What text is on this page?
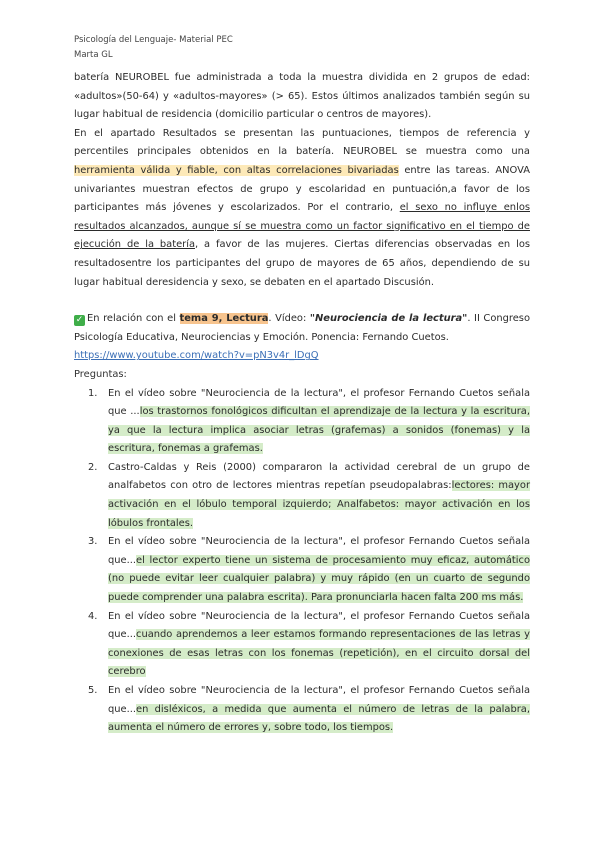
Psicología del Lenguaje- Material PEC
Marta GL

batería NEUROBEL fue administrada a toda la muestra dividida en 2 grupos de edad: «adultos»(50-64) y «adultos-mayores» (> 65). Estos últimos analizados también según su lugar habitual de residencia (domicilio particular o centros de mayores).

En el apartado Resultados se presentan las puntuaciones, tiempos de referencia y percentiles principales obtenidos en la batería. NEUROBEL se muestra como una herramienta válida y fiable, con altas correlaciones bivariadas entre las tareas. ANOVA univariantes muestran efectos de grupo y escolaridad en puntuación,a favor de los participantes más jóvenes y escolarizados. Por el contrario, el sexo no influye enlos resultados alcanzados, aunque sí se muestra como un factor significativo en el tiempo de ejecución de la batería, a favor de las mujeres. Ciertas diferencias observadas en los resultadosentre los participantes del grupo de mayores de 65 años, dependiendo de su lugar habitual deresidencia y sexo, se debaten en el apartado Discusión.

✓ En relación con el tema 9, Lectura. Vídeo: "Neurociencia de la lectura". II Congreso Psicología Educativa, Neurociencias y Emoción. Ponencia: Fernando Cuetos.
https://www.youtube.com/watch?v=pN3v4r_lDgQ

Preguntas:

1. En el vídeo sobre "Neurociencia de la lectura", el profesor Fernando Cuetos señala que ...los trastornos fonológicos dificultan el aprendizaje de la lectura y la escritura, ya que la lectura implica asociar letras (grafemas) a sonidos (fonemas) y la escritura, fonemas a grafemas.
2. Castro-Caldas y Reis (2000) compararon la actividad cerebral de un grupo de analfabetos con otro de lectores mientras repetían pseudopalabras:lectores: mayor activación en el lóbulo temporal izquierdo; Analfabetos: mayor activación en los lóbulos frontales.
3. En el vídeo sobre "Neurociencia de la lectura", el profesor Fernando Cuetos señala que...el lector experto tiene un sistema de procesamiento muy eficaz, automático (no puede evitar leer cualquier palabra) y muy rápido (en un cuarto de segundo puede comprender una palabra escrita). Para pronunciarla hacen falta 200 ms más.
4. En el vídeo sobre "Neurociencia de la lectura", el profesor Fernando Cuetos señala que...cuando aprendemos a leer estamos formando representaciones de las letras y conexiones de esas letras con los fonemas (repetición), en el circuito dorsal del cerebro
5. En el vídeo sobre "Neurociencia de la lectura", el profesor Fernando Cuetos señala que...en disléxicos, a medida que aumenta el número de letras de la palabra, aumenta el número de errores y, sobre todo, los tiempos.
